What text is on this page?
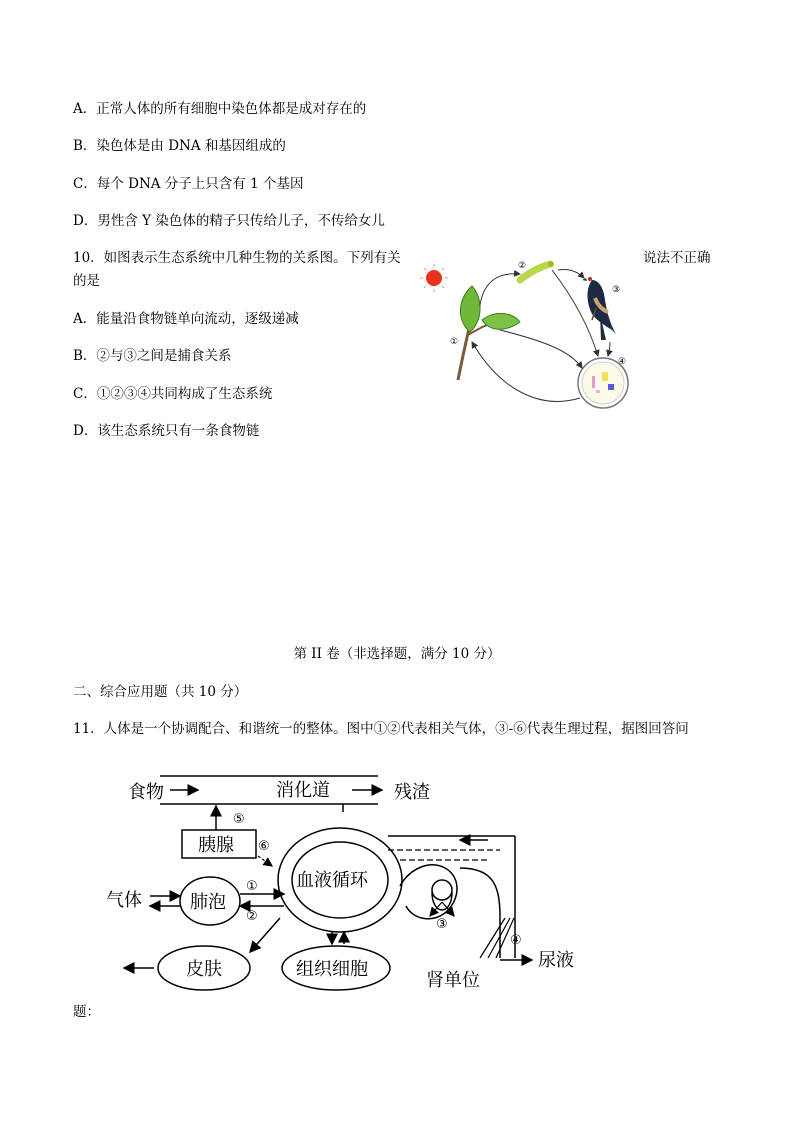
A．正常人体的所有细胞中染色体都是成对存在的
B．染色体是由 DNA 和基因组成的
C．每个 DNA 分子上只含有 1 个基因
D．男性含 Y 染色体的精子只传给儿子，不传给女儿
10．如图表示生态系统中几种生物的关系图。下列有关	说法不正确
的是
A．能量沿食物链单向流动，逐级递减
B．②与③之间是捕食关系
C．①②③④共同构成了生态系统
D．该生态系统只有一条食物链
①
②
③
④
第 II 卷（非选择题，满分 10 分）
二、综合应用题（共 10 分）
11．人体是一个协调配合、和谐统一的整体。图中①②代表相关气体，③-⑥代表生理过程，据图回答问
食物	消化道	残渣
胰腺
⑤
⑥
气体	肺泡
①
②
血液循环
皮肤	组织细胞
③
④
尿液
肾单位
题：
